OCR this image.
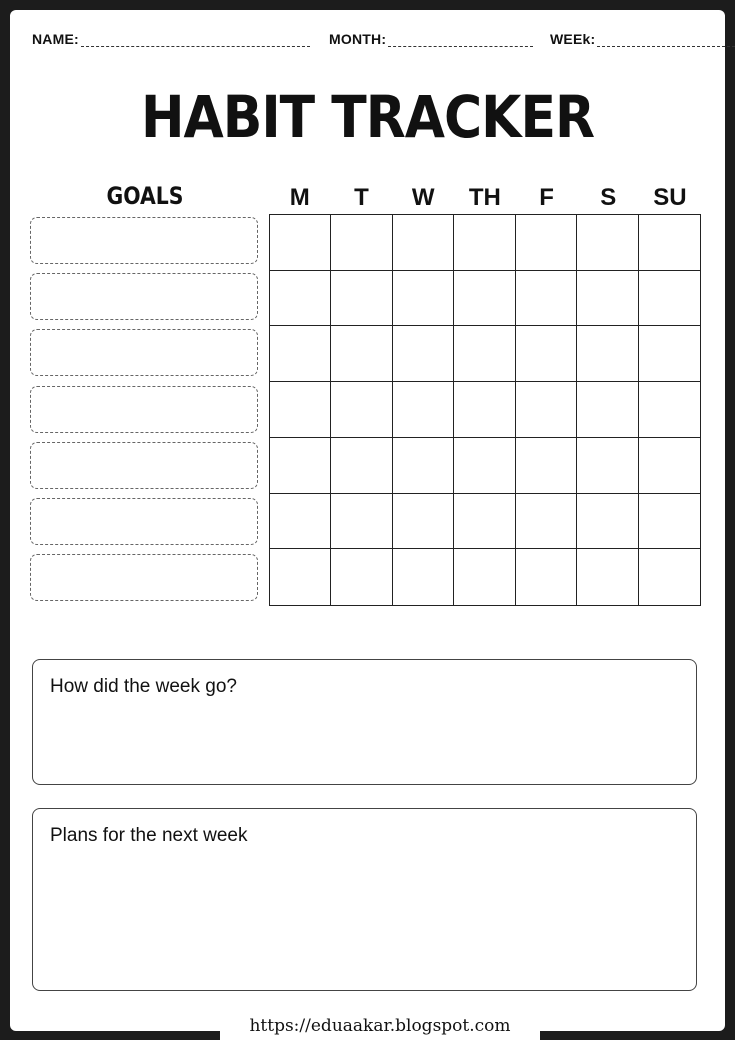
NAME:	MONTH:	WEEk:
HABIT TRACKER
GOALS	M	T	W	TH	F	S	SU
How did the week go?
Plans for the next week
https://eduaakar.blogspot.com
